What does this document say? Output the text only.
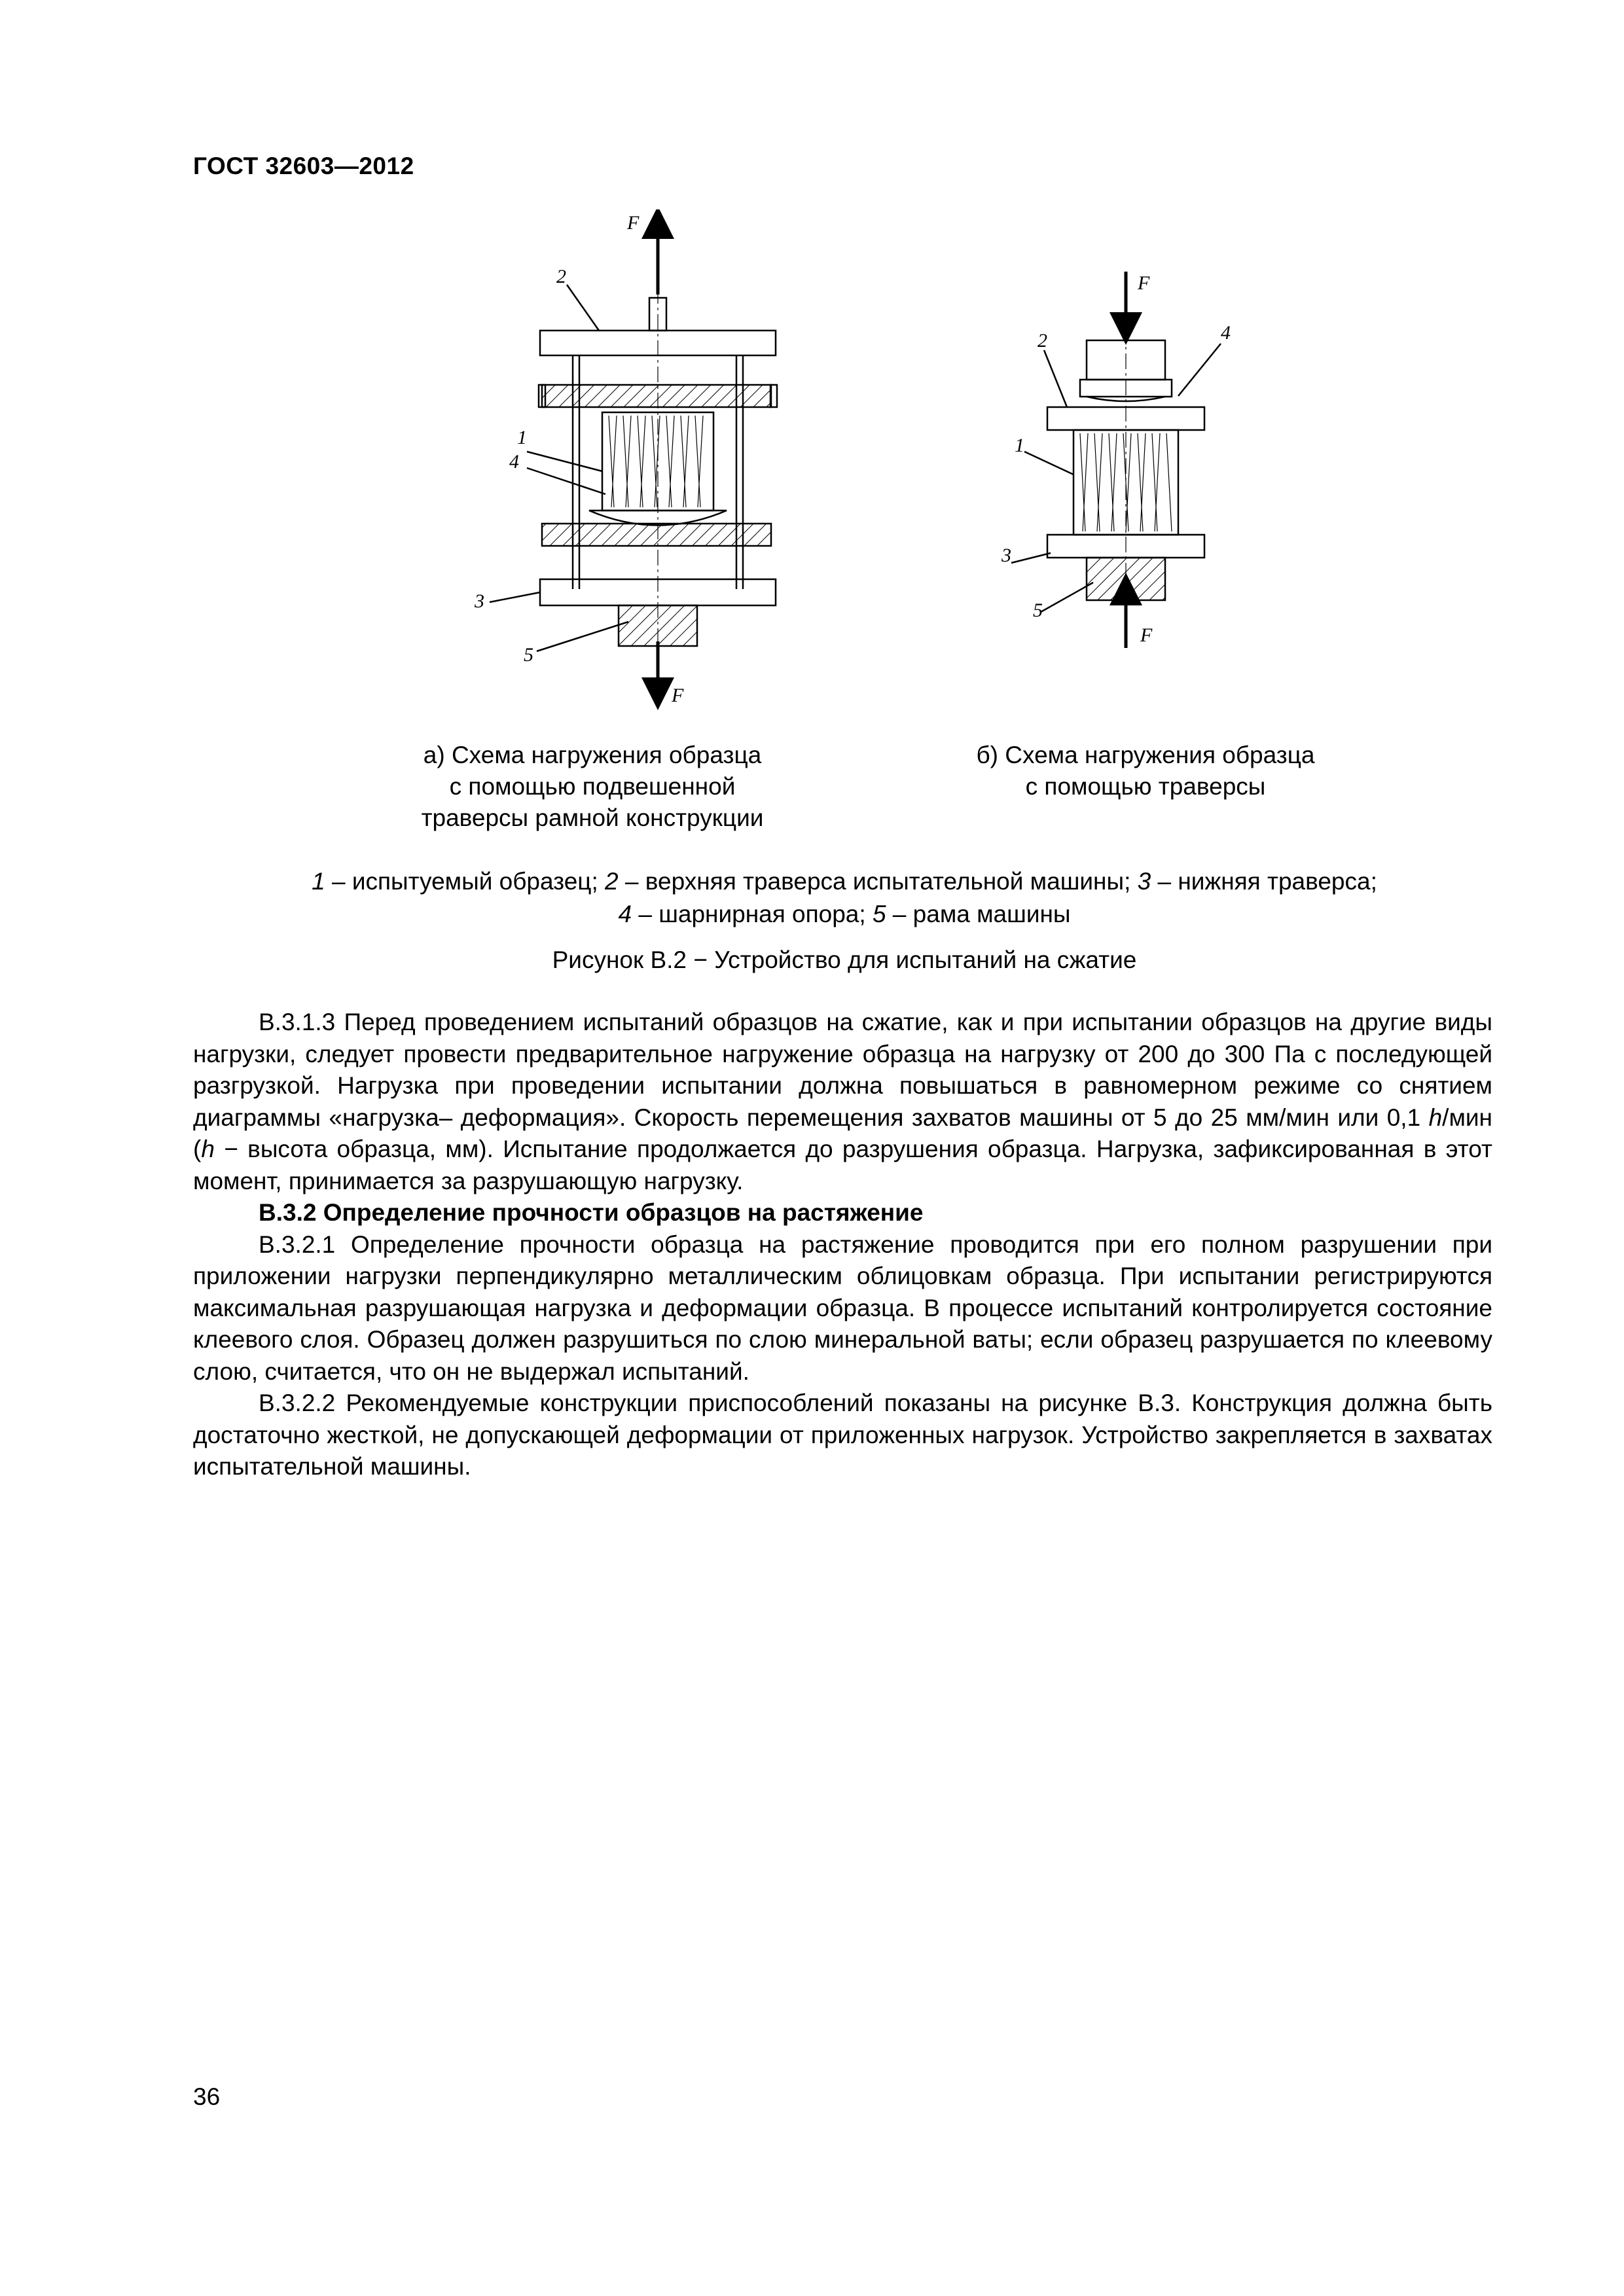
ГОСТ 32603—2012
F
F
2
1
4
3
5
F
F
2	4
1
3
5
а) Схема нагружения образца
с помощью подвешенной
траверсы рамной конструкции
б) Схема нагружения образца
с помощью траверсы
1 – испытуемый образец; 2 – верхняя траверса испытательной машины; 3 – нижняя траверса;
4 – шарнирная опора; 5 – рама машины
Рисунок В.2 − Устройство для испытаний на сжатие

В.3.1.3 Перед проведением испытаний образцов на сжатие, как и при испытании образцов на другие виды нагрузки, следует провести предварительное нагружение образца на нагрузку от 200 до 300 Па с последующей разгрузкой. Нагрузка при проведении испытании должна повышаться в равномерном режиме со снятием диаграммы «нагрузка– деформация». Скорость перемещения захватов машины от 5 до 25 мм/мин или 0,1 h/мин (h − высота образца, мм). Испытание продолжается до разрушения образца. Нагрузка, зафиксированная в этот момент, принимается за разрушающую нагрузку.

В.3.2 Определение прочности образцов на растяжение

В.3.2.1 Определение прочности образца на растяжение проводится при его полном разрушении при приложении нагрузки перпендикулярно металлическим облицовкам образца. При испытании регистрируются максимальная разрушающая нагрузка и деформации образца. В процессе испытаний контролируется состояние клеевого слоя. Образец должен разрушиться по слою минеральной ваты; если образец разрушается по клеевому слою, считается, что он не выдержал испытаний.

В.3.2.2 Рекомендуемые конструкции приспособлений показаны на рисунке В.3. Конструкция должна быть достаточно жесткой, не допускающей деформации от приложенных нагрузок. Устройство закрепляется в захватах испытательной машины.

36
